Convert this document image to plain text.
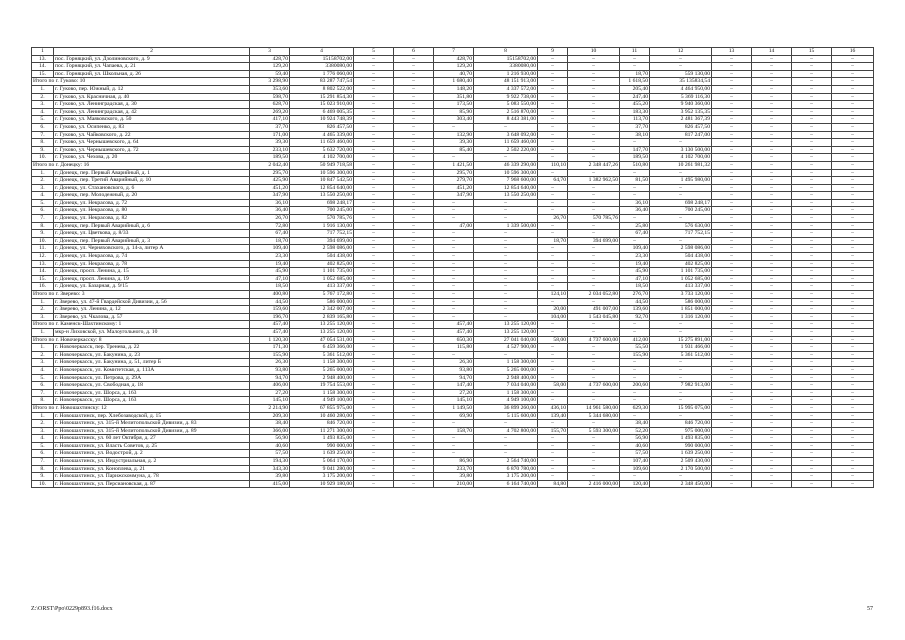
1	2	3	4	5	6	7	8	9	10	11	12	13	14	15	16
13.	пос. Горняцкий, ул. Дзолиновского, д. 9	428,70	15158702,00	–	–	428,70	15158702,00	–	–	–	–	–	–	–	–
14.	пос. Горняцкий, ул. Чапаева, д. 21	129,20	3380080,00	–	–	129,20	3380080,00	–	–	–	–	–	–	–	–
15.	пос. Горняцкий, ул. Школьная, д. 26	59,40	1 776 060,00	–	–	40,70	1 216 930,00	–	–	18,70	559 130,00	–	–	–	–
Итого по г. Гуково: 10		3 298,90	83 287 747,54	–	–	1 680,40	48 151 913,00	–	–	1 618,50	35 135834,54	–	–	–	–
1.	г. Гуково, пер. Южный, д. 12	353,60	8 802 522,00	–	–	148,20	4 337 572,00	–	–	205,40	4 464 950,00	–	–	–	–
2.	г. Гуково, ул. Красничная, д. 40	598,70	15 291 854,30	–	–	351,80	9 922 738,00	–	–	247,40	5 369 116,30	–	–	–	–
3.	г. Гуково, ул. Ленинградская, д. 30	628,70	15 023 910,00	–	–	173,50	5 083 550,00	–	–	455,20	9 940 360,00	–	–	–	–
4.	г. Гуково, ул. Ленинградская, д. 42	269,20	6 469 005,35	–	–	85,90	2 516 870,00	–	–	183,30	3 952 135,35	–	–	–	–
5.	г. Гуково, ул. Маяковского, д. 50	417,10	10 924 748,39	–	–	303,40	8 443 381,00	–	–	113,70	2 481 367,39	–	–	–	–
6.	г. Гуково, ул. Осипенко, д. 83	37,70	826 457,50	–	–	–	–	–	–	37,70	826 457,50	–	–	–	–
7.	г. Гуково, ул. Чайковского, д. 22	171,00	4 465 339,00	–	–	132,90	3 648 092,00	–	–	38,10	817 247,00	–	–	–	–
8.	г. Гуково, ул. Чернышевского, д. 64	39,30	11 659 460,00	–	–	39,30	11 659 460,00	–	–	–	–	–	–	–	–
9.	г. Гуково, ул. Чернышевского, д. 72	233,10	5 632 720,00	–	–	85,40	2 502 220,00	–	–	147,70	3 130 500,00	–	–	–	–
10.	г. Гуково, ул. Чехова, д. 20	189,50	4 102 700,00	–	–	–	–	–	–	189,50	4 102 700,00	–	–	–	–
Итого по г. Донецку: 16		2 042,40	50 949 718,58	–	–	1 421,50	46 339 290,00	110,10	2 348 447,26	510,80	10 261 981,32	–	–	–	–
1.	г. Донецк, пер. Первый Аварийный, д. 1	295,70	10 596 300,00	–	–	295,70	10 596 300,00	–	–	–	–	–	–	–	–
2.	г. Донецк, пер. Третий Аварийный, д. 10	425,90	10 847 542,50	–	–	279,70	7 968 600,00	64,70	1 382 962,50	81,50	1 495 980,00	–	–	–	–
3.	г. Донецк, ул. Стахановского, д. 6	451,20	12 854 640,00	–	–	451,20	12 854 640,00	–	–	–	–	–	–	–	–
4.	г. Донецк, пер. Молодежный, д. 20	347,90	13 550 250,00	–	–	347,90	13 550 250,00	–	–	–	–	–	–	–	–
5.	г. Донецк, ул. Некрасова, д. 72	36,10	698 248,17	–	–	–	–	–	–	36,10	698 248,17	–	–	–	–
6.	г. Донецк, ул. Некрасова, д. 80	36,40	700 245,00	–	–	–	–	–	–	36,40	700 245,00	–	–	–	–
7.	г. Донецк, ул. Некрасова, д. 82	26,70	570 785,76	–	–	–	–	26,70	570 785,76	–	–	–	–	–	–
8.	г. Донецк, пер. Первый Аварийный, д. 6	72,80	1 916 130,00	–	–	47,00	1 339 500,00	–	–	25,80	576 630,00	–	–	–	–
9.	г. Донецк, ул. Цветкова, д. 8/33	67,40	717 752,15	–	–	–	–	–	–	67,40	717 752,15	–	–	–	–
10.	г. Донецк, пер. Первый Аварийный, д. 3	18,70	394 699,00	–	–	–	–	18,70	394 699,00	–	–	–	–	–	–
11.	г. Донецк, ул. Черняховского, д. 14-а, литер А	109,40	2 598 086,00	–	–	–	–	–	–	109,40	2 598 086,00	–	–	–	–
12.	г. Донецк, ул. Некрасова, д. 74	23,30	504 438,00	–	–	–	–	–	–	23,30	504 438,00	–	–	–	–
13.	г. Донецк, ул. Некрасова, д. 78	19,40	402 825,00	–	–	–	–	–	–	19,40	402 825,00	–	–	–	–
14.	г. Донецк, просп. Ленина, д. 15	45,90	1 101 735,00	–	–	–	–	–	–	45,90	1 101 735,00	–	–	–	–
15.	г. Донецк, просп. Ленина, д. 19	47,10	1 052 685,00	–	–	–	–	–	–	47,10	1 052 685,00	–	–	–	–
16.	г. Донецк, ул. Базарная, д. 9/15	18,50	413 337,00	–	–	–	–	–	–	18,50	413 337,00	–	–	–	–
Итого по г. Зверево: 3		400,80	5 767 172,80	–	–	–	–	124,10	2 034 052,80	276,70	3 733 120,00	–	–	–	–
1.	г. Зверево, ул. 47-й Гвардейской Дивизии, д. 56	44,50	586 000,00	–	–	–	–	–	–	44,50	586 000,00	–	–	–	–
2.	г. Зверево, ул. Ленина, д. 12	159,60	2 342 007,00	–	–	–	–	20,00	491 007,00	139,60	1 851 000,00	–	–	–	–
3.	г. Зверево, ул. Чкалова, д. 57	196,70	2 839 165,80	–	–	–	–	104,00	1 543 045,80	92,70	1 316 120,00	–	–	–	–
Итого по г. Каменск-Шахтинскому: 1		457,40	13 255 120,00	–	–	457,40	13 255 120,00	–	–	–	–	–	–	–	–
1.	мкр-н Лиховской, ул. Малоугольного, д. 10	457,40	13 255 120,00	–	–	457,40	13 255 120,00	–	–	–	–	–	–	–	–
Итого по г. Новочеркасску: 8		1 120,30	47 054 531,00	–	–	650,30	27 041 040,00	58,00	4 737 600,00	412,00	15 275 891,00	–	–	–	–
1.	г. Новочеркасск, пер. Тренева, д. 22	171,30	6 459 366,00	–	–	115,80	4 527 900,00	–	–	55,50	1 931 466,00	–	–	–	–
2.	г. Новочеркасск, ул. Бакунина, д. 23	155,90	5 361 512,00	–	–	–	–	–	–	155,90	5 361 512,00	–	–	–	–
3.	г. Новочеркасск, ул. Бакунина, д. 51, литер Б	26,30	1 158 300,00	–	–	26,30	1 158 300,00	–	–	–	–	–	–	–	–
4.	г. Новочеркасск, ул. Комитетская, д. 113А	93,80	5 265 000,00	–	–	93,80	5 265 000,00	–	–	–	–	–	–	–	–
5.	г. Новочеркасск, ул. Петрова, д. 29А	94,70	2 948 400,00	–	–	94,70	2 948 400,00	–	–	–	–	–	–	–	–
6.	г. Новочеркасск, ул. Свободная, д. 18	406,00	19 754 553,00	–	–	147,40	7 034 040,00	58,00	4 737 600,00	200,60	7 982 913,00	–	–	–	–
7.	г. Новочеркасск, ул. Шорса, д. 163	27,20	1 158 300,00	–	–	27,20	1 158 300,00	–	–	–	–	–	–	–	–
8.	г. Новочеркасск, ул. Шорса, д. 163	145,10	4 949 100,00	–	–	145,10	4 949 100,00	–	–	–	–	–	–	–	–
Итого по г. Новошахтинску: 12		2 214,90	67 855 975,00	–	–	1 149,50	36 899 260,00	436,10	14 961 580,00	629,30	15 995 075,00	–	–	–	–
1.	г. Новошахтинск, пер. Хлебозаводской, д. 15	209,30	10 460 280,00	–	–	69,90	5 115 600,00	139,40	5 344 680,00	–	–	–	–	–	–
2.	г. Новошахтинск, ул. 315-й Мелитопольской Дивизии, д. 83	38,40	846 720,00	–	–	–	–	–	–	38,40	846 720,00	–	–	–	–
3.	г. Новошахтинск, ул. 315-й Мелитопольской Дивизии, д. 89	366,00	11 271 300,00	–	–	158,70	4 702 800,00	155,70	5 593 300,00	52,20	975 000,00	–	–	–	–
4.	г. Новошахтинск, ул. 60 лет Октября, д. 27	56,90	1 493 835,00	–	–	–	–	–	–	56,90	1 493 835,00	–	–	–	–
5.	г. Новошахтинск, ул. Власть Советов, д. 25	40,60	990 000,00	–	–	–	–	–	–	40,60	990 000,00	–	–	–	–
6.	г. Новошахтинск, ул. Водострой, д. 2	57,50	1 639 250,00	–	–	–	–	–	–	57,50	1 639 250,00	–	–	–	–
7.	г. Новошахтинск, ул. Индустриальная, д. 2	194,30	5 064 170,00	–	–	86,90	2 564 740,00	–	–	107,40	2 509 430,00	–	–	–	–
8.	г. Новошахтинск, ул. Коноплева, д. 21	343,30	9 041 280,00	–	–	233,70	6 870 780,00	–	–	109,60	2 170 500,00	–	–	–	–
9.	г. Новошахтинск, ул. Парижскоммуна, д. 78	39,80	3 175 200,00	–	–	39,80	3 175 200,00	–	–	–	–	–	–	–	–
10.	г. Новошахтинск, ул. Персиановская, д. 87	415,00	10 929 180,00	–	–	210,00	6 164 740,00	84,80	2 416 000,00	120,40	2 348 450,00	–	–	–	–
Z:\ORST\Ppo\0229p893.f16.docx	57
